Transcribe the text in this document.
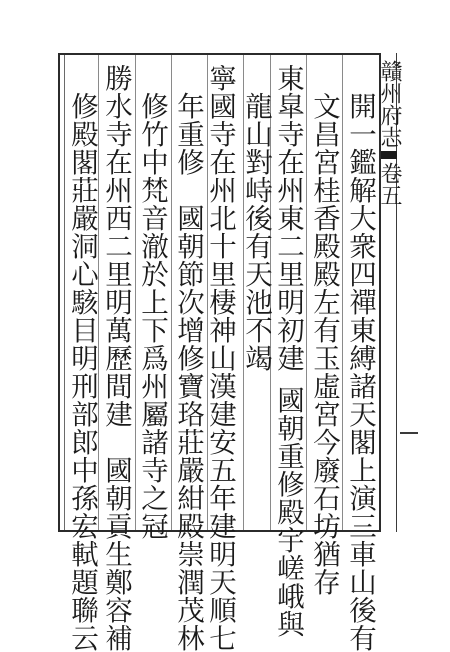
贛州府志卷五
開一鑑解大衆四禪東縛諸天閣上演三車山後有
文昌宮桂香殿殿左有玉虛宮今廢石坊猶存
東皐寺在州東二里明初建國朝重修殿宇嵯峨與
龍山對峙後有天池不竭
寧國寺在州北十里棲神山漢建安五年建明天順七
年重修國朝節次增修寶珞莊嚴紺殿崇潤茂林
修竹中梵音澈於上下爲州屬諸寺之冠
勝水寺在州西二里明萬歷間建國朝貢生鄭容補
修殿閣莊嚴洞心駭目明刑部郎中孫宏軾題聯云
